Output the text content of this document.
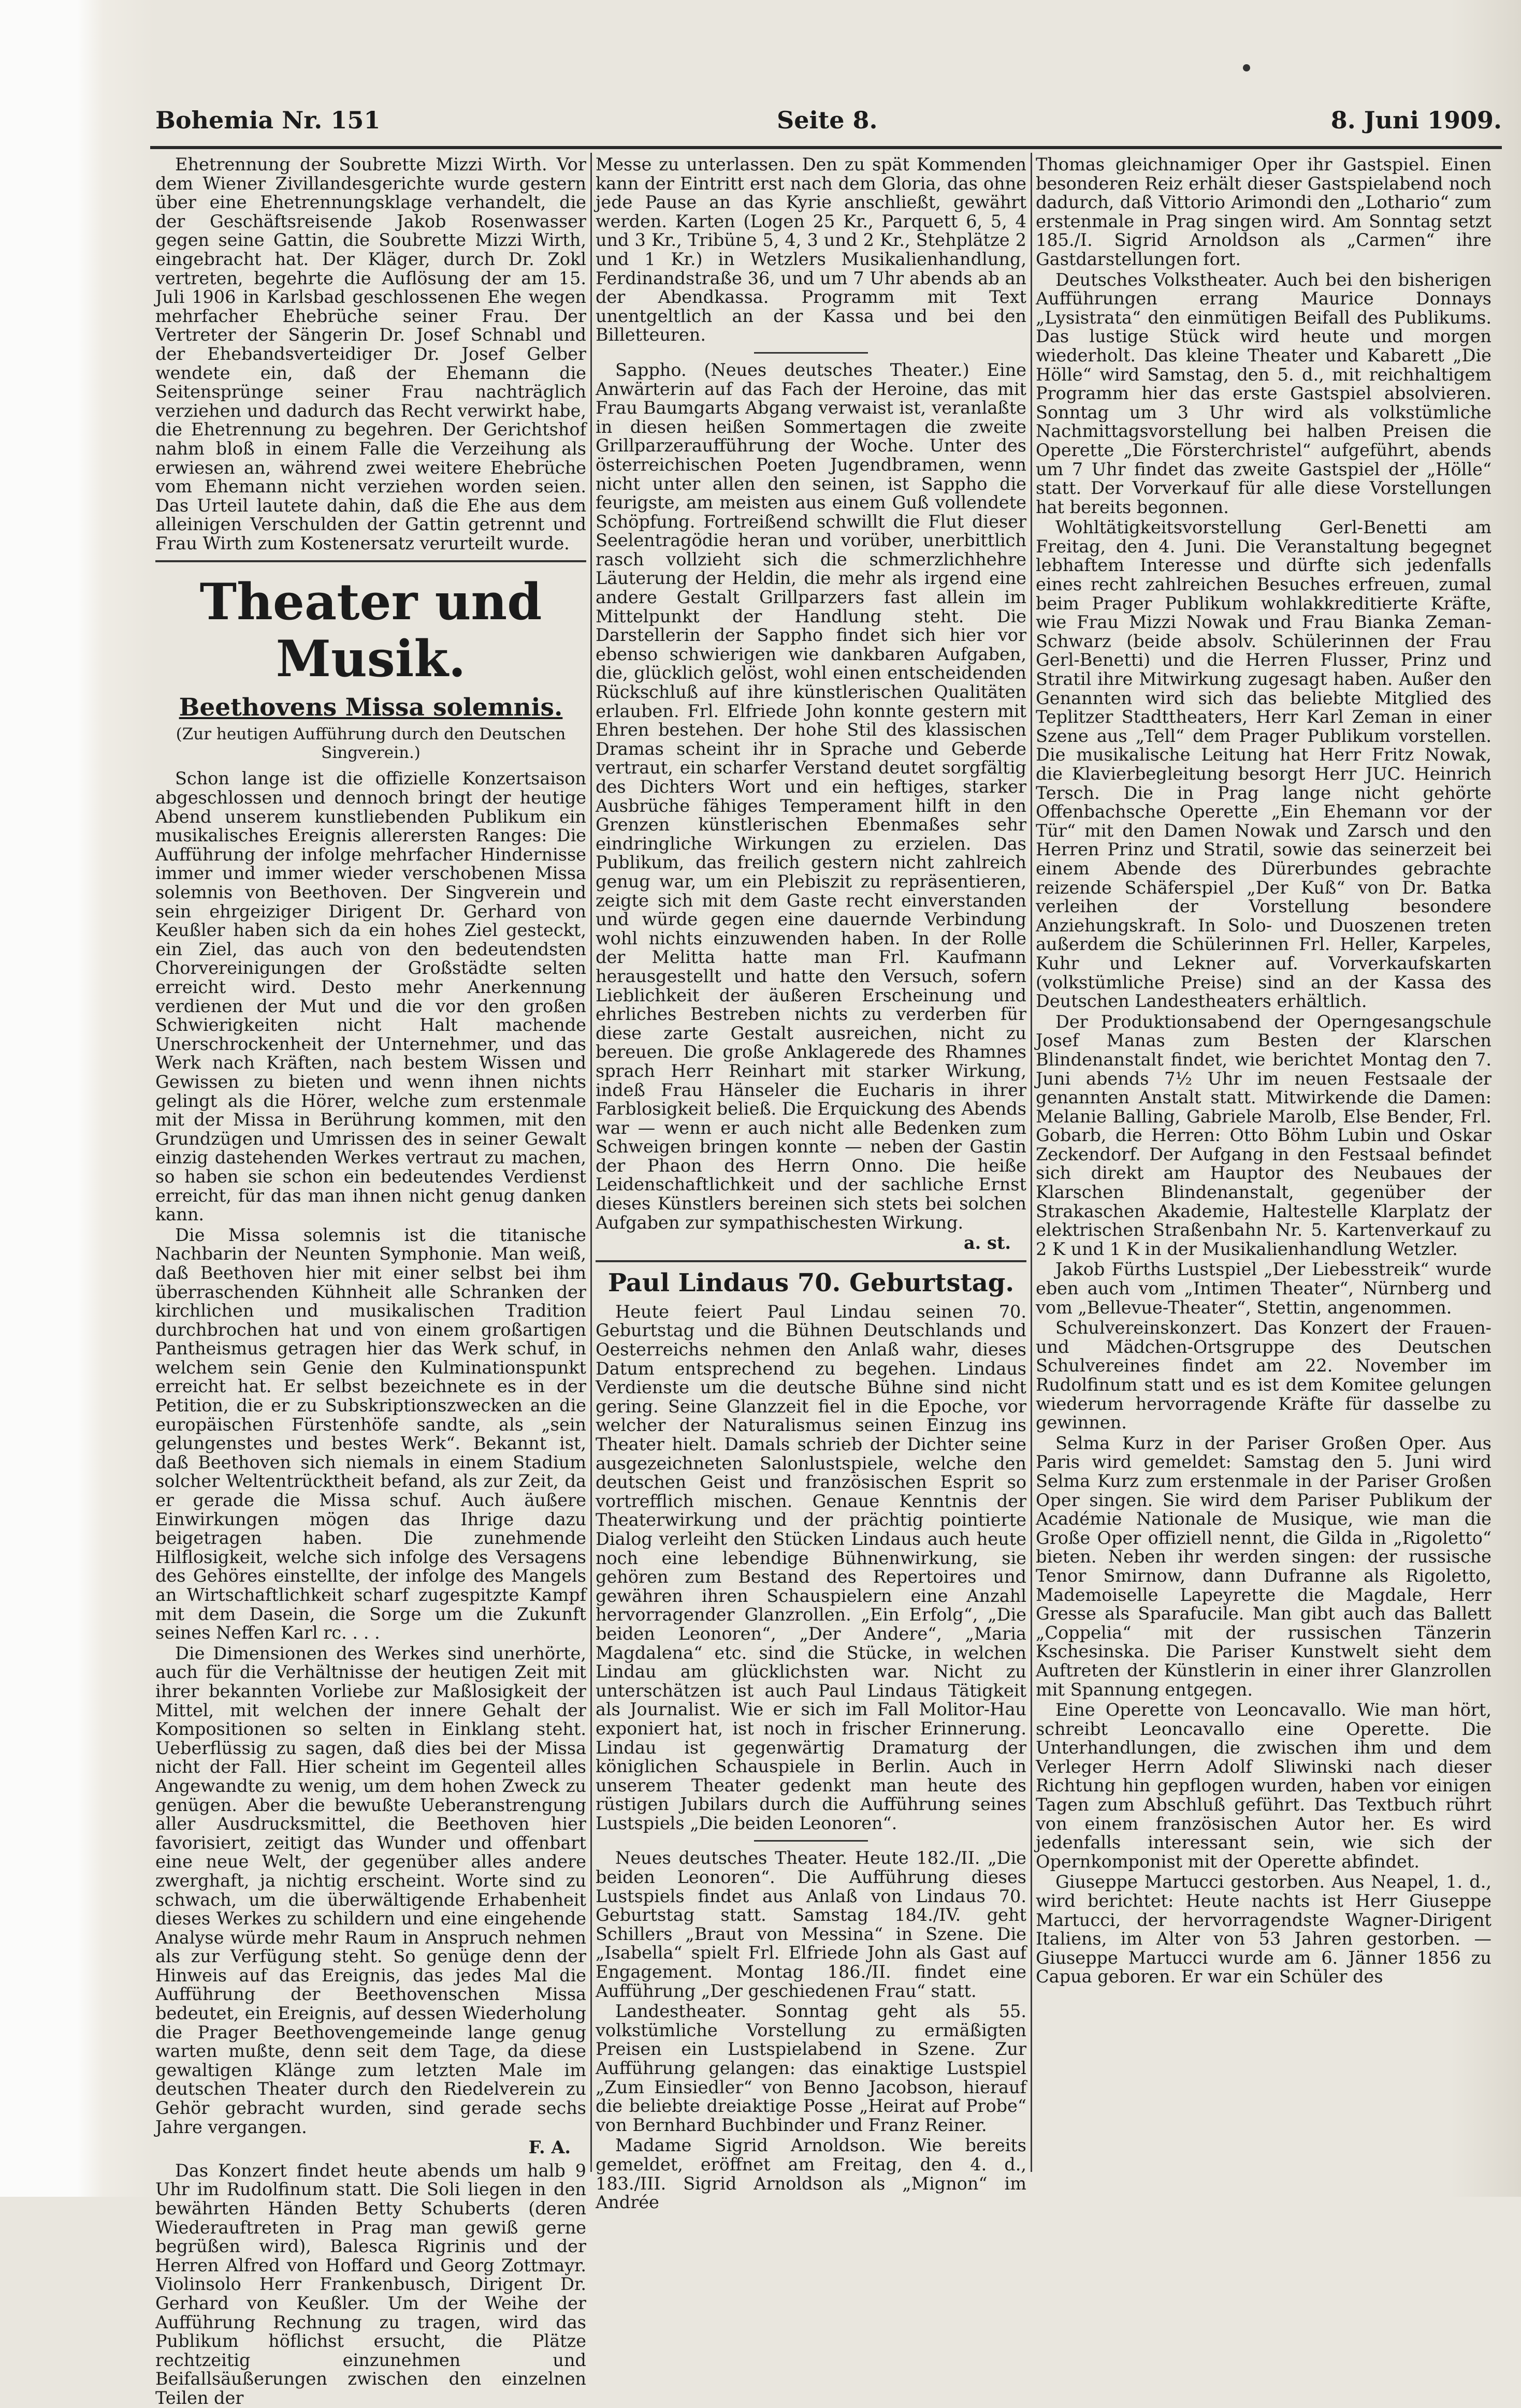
Bohemia Nr. 151	Seite 8.	8. Juni 1909.

Ehetrennung der Soubrette Mizzi Wirth. Vor dem Wiener Zivillandesgerichte wurde gestern über eine Ehetrennungsklage verhandelt, die der Geschäftsreisende Jakob Rosenwasser gegen seine Gattin, die Soubrette Mizzi Wirth, eingebracht hat. Der Kläger, durch Dr. Zokl vertreten, begehrte die Auflösung der am 15. Juli 1906 in Karlsbad geschlossenen Ehe wegen mehrfacher Ehebrüche seiner Frau. Der Vertreter der Sängerin Dr. Josef Schnabl und der Ehebandsverteidiger Dr. Josef Gelber wendete ein, daß der Ehemann die Seitensprünge seiner Frau nachträglich verziehen und dadurch das Recht verwirkt habe, die Ehetrennung zu begehren. Der Gerichtshof nahm bloß in einem Falle die Verzeihung als erwiesen an, während zwei weitere Ehebrüche vom Ehemann nicht verziehen worden seien. Das Urteil lautete dahin, daß die Ehe aus dem alleinigen Verschulden der Gattin getrennt und Frau Wirth zum Kostenersatz verurteilt wurde.

Theater und Musik.
Beethovens Missa solemnis.
(Zur heutigen Aufführung durch den Deutschen Singverein.)

Schon lange ist die offizielle Konzertsaison abgeschlossen und dennoch bringt der heutige Abend unserem kunstliebenden Publikum ein musikalisches Ereignis allerersten Ranges: Die Aufführung der infolge mehrfacher Hindernisse immer und immer wieder verschobenen Missa solemnis von Beethoven. Der Singverein und sein ehrgeiziger Dirigent Dr. Gerhard von Keußler haben sich da ein hohes Ziel gesteckt, ein Ziel, das auch von den bedeutendsten Chorvereinigungen der Großstädte selten erreicht wird. Desto mehr Anerkennung verdienen der Mut und die vor den großen Schwierigkeiten nicht Halt machende Unerschrockenheit der Unternehmer, und das Werk nach Kräften, nach bestem Wissen und Gewissen zu bieten und wenn ihnen nichts gelingt als die Hörer, welche zum erstenmale mit der Missa in Berührung kommen, mit den Grundzügen und Umrissen des in seiner Gewalt einzig dastehenden Werkes vertraut zu machen, so haben sie schon ein bedeutendes Verdienst erreicht, für das man ihnen nicht genug danken kann.

Die Missa solemnis ist die titanische Nachbarin der Neunten Symphonie. Man weiß, daß Beethoven hier mit einer selbst bei ihm überraschenden Kühnheit alle Schranken der kirchlichen und musikalischen Tradition durchbrochen hat und von einem großartigen Pantheismus getragen hier das Werk schuf, in welchem sein Genie den Kulminationspunkt erreicht hat. Er selbst bezeichnete es in der Petition, die er zu Subskriptionszwecken an die europäischen Fürstenhöfe sandte, als „sein gelungenstes und bestes Werk“. Bekannt ist, daß Beethoven sich niemals in einem Stadium solcher Weltentrücktheit befand, als zur Zeit, da er gerade die Missa schuf. Auch äußere Einwirkungen mögen das Ihrige dazu beigetragen haben. Die zunehmende Hilflosigkeit, welche sich infolge des Versagens des Gehöres einstellte, der infolge des Mangels an Wirtschaftlichkeit scharf zugespitzte Kampf mit dem Dasein, die Sorge um die Zukunft seines Neffen Karl rc. . . .

Die Dimensionen des Werkes sind unerhörte, auch für die Verhältnisse der heutigen Zeit mit ihrer bekannten Vorliebe zur Maßlosigkeit der Mittel, mit welchen der innere Gehalt der Kompositionen so selten in Einklang steht. Ueberflüssig zu sagen, daß dies bei der Missa nicht der Fall. Hier scheint im Gegenteil alles Angewandte zu wenig, um dem hohen Zweck zu genügen. Aber die bewußte Ueberanstrengung aller Ausdrucksmittel, die Beethoven hier favorisiert, zeitigt das Wunder und offenbart eine neue Welt, der gegenüber alles andere zwerghaft, ja nichtig erscheint. Worte sind zu schwach, um die überwältigende Erhabenheit dieses Werkes zu schildern und eine eingehende Analyse würde mehr Raum in Anspruch nehmen als zur Verfügung steht. So genüge denn der Hinweis auf das Ereignis, das jedes Mal die Aufführung der Beethovenschen Missa bedeutet, ein Ereignis, auf dessen Wiederholung die Prager Beethovengemeinde lange genug warten mußte, denn seit dem Tage, da diese gewaltigen Klänge zum letzten Male im deutschen Theater durch den Riedelverein zu Gehör gebracht wurden, sind gerade sechs Jahre vergangen.

F. A.

Das Konzert findet heute abends um halb 9 Uhr im Rudolfinum statt. Die Soli liegen in den bewährten Händen Betty Schuberts (deren Wiederauftreten in Prag man gewiß gerne begrüßen wird), Balesca Rigrinis und der Herren Alfred von Hoffard und Georg Zottmayr. Violinsolo Herr Frankenbusch, Dirigent Dr. Gerhard von Keußler. Um der Weihe der Aufführung Rechnung zu tragen, wird das Publikum höflichst ersucht, die Plätze rechtzeitig einzunehmen und Beifallsäußerungen zwischen den einzelnen Teilen der

Messe zu unterlassen. Den zu spät Kommenden kann der Eintritt erst nach dem Gloria, das ohne jede Pause an das Kyrie anschließt, gewährt werden. Karten (Logen 25 Kr., Parquett 6, 5, 4 und 3 Kr., Tribüne 5, 4, 3 und 2 Kr., Stehplätze 2 und 1 Kr.) in Wetzlers Musikalienhandlung, Ferdinandstraße 36, und um 7 Uhr abends ab an der Abendkassa. Programm mit Text unentgeltlich an der Kassa und bei den Billetteuren.

Sappho. (Neues deutsches Theater.) Eine Anwärterin auf das Fach der Heroine, das mit Frau Baumgarts Abgang verwaist ist, veranlaßte in diesen heißen Sommertagen die zweite Grillparzeraufführung der Woche. Unter des österreichischen Poeten Jugendbramen, wenn nicht unter allen den seinen, ist Sappho die feurigste, am meisten aus einem Guß vollendete Schöpfung. Fortreißend schwillt die Flut dieser Seelentragödie heran und vorüber, unerbittlich rasch vollzieht sich die schmerzlichhehre Läuterung der Heldin, die mehr als irgend eine andere Gestalt Grillparzers fast allein im Mittelpunkt der Handlung steht. Die Darstellerin der Sappho findet sich hier vor ebenso schwierigen wie dankbaren Aufgaben, die, glücklich gelöst, wohl einen entscheidenden Rückschluß auf ihre künstlerischen Qualitäten erlauben. Frl. Elfriede John konnte gestern mit Ehren bestehen. Der hohe Stil des klassischen Dramas scheint ihr in Sprache und Geberde vertraut, ein scharfer Verstand deutet sorgfältig des Dichters Wort und ein heftiges, starker Ausbrüche fähiges Temperament hilft in den Grenzen künstlerischen Ebenmaßes sehr eindringliche Wirkungen zu erzielen. Das Publikum, das freilich gestern nicht zahlreich genug war, um ein Plebiszit zu repräsentieren, zeigte sich mit dem Gaste recht einverstanden und würde gegen eine dauernde Verbindung wohl nichts einzuwenden haben. In der Rolle der Melitta hatte man Frl. Kaufmann herausgestellt und hatte den Versuch, sofern Lieblichkeit der äußeren Erscheinung und ehrliches Bestreben nichts zu verderben für diese zarte Gestalt ausreichen, nicht zu bereuen. Die große Anklagerede des Rhamnes sprach Herr Reinhart mit starker Wirkung, indeß Frau Hänseler die Eucharis in ihrer Farblosigkeit beließ. Die Erquickung des Abends war — wenn er auch nicht alle Bedenken zum Schweigen bringen konnte — neben der Gastin der Phaon des Herrn Onno. Die heiße Leidenschaftlichkeit und der sachliche Ernst dieses Künstlers bereinen sich stets bei solchen Aufgaben zur sympathischesten Wirkung.

a. st.
Paul Lindaus 70. Geburtstag.

Heute feiert Paul Lindau seinen 70. Geburtstag und die Bühnen Deutschlands und Oesterreichs nehmen den Anlaß wahr, dieses Datum entsprechend zu begehen. Lindaus Verdienste um die deutsche Bühne sind nicht gering. Seine Glanzzeit fiel in die Epoche, vor welcher der Naturalismus seinen Einzug ins Theater hielt. Damals schrieb der Dichter seine ausgezeichneten Salonlustspiele, welche den deutschen Geist und französischen Esprit so vortrefflich mischen. Genaue Kenntnis der Theaterwirkung und der prächtig pointierte Dialog verleiht den Stücken Lindaus auch heute noch eine lebendige Bühnenwirkung, sie gehören zum Bestand des Repertoires und gewähren ihren Schauspielern eine Anzahl hervorragender Glanzrollen. „Ein Erfolg“, „Die beiden Leonoren“, „Der Andere“, „Maria Magdalena“ etc. sind die Stücke, in welchen Lindau am glücklichsten war. Nicht zu unterschätzen ist auch Paul Lindaus Tätigkeit als Journalist. Wie er sich im Fall Molitor-Hau exponiert hat, ist noch in frischer Erinnerung. Lindau ist gegenwärtig Dramaturg der königlichen Schauspiele in Berlin. Auch in unserem Theater gedenkt man heute des rüstigen Jubilars durch die Aufführung seines Lustspiels „Die beiden Leonoren“.

Neues deutsches Theater. Heute 182./II. „Die beiden Leonoren“. Die Aufführung dieses Lustspiels findet aus Anlaß von Lindaus 70. Geburtstag statt. Samstag 184./IV. geht Schillers „Braut von Messina“ in Szene. Die „Isabella“ spielt Frl. Elfriede John als Gast auf Engagement. Montag 186./II. findet eine Aufführung „Der geschiedenen Frau“ statt.

Landestheater. Sonntag geht als 55. volkstümliche Vorstellung zu ermäßigten Preisen ein Lustspielabend in Szene. Zur Aufführung gelangen: das einaktige Lustspiel „Zum Einsiedler“ von Benno Jacobson, hierauf die beliebte dreiaktige Posse „Heirat auf Probe“ von Bernhard Buchbinder und Franz Reiner.

Madame Sigrid Arnoldson. Wie bereits gemeldet, eröffnet am Freitag, den 4. d., 183./III. Sigrid Arnoldson als „Mignon“ im Andrée

Thomas gleichnamiger Oper ihr Gastspiel. Einen besonderen Reiz erhält dieser Gastspielabend noch dadurch, daß Vittorio Arimondi den „Lothario“ zum erstenmale in Prag singen wird. Am Sonntag setzt 185./I. Sigrid Arnoldson als „Carmen“ ihre Gastdarstellungen fort.

Deutsches Volkstheater. Auch bei den bisherigen Aufführungen errang Maurice Donnays „Lysistrata“ den einmütigen Beifall des Publikums. Das lustige Stück wird heute und morgen wiederholt. Das kleine Theater und Kabarett „Die Hölle“ wird Samstag, den 5. d., mit reichhaltigem Programm hier das erste Gastspiel absolvieren. Sonntag um 3 Uhr wird als volkstümliche Nachmittagsvorstellung bei halben Preisen die Operette „Die Försterchristel“ aufgeführt, abends um 7 Uhr findet das zweite Gastspiel der „Hölle“ statt. Der Vorverkauf für alle diese Vorstellungen hat bereits begonnen.

Wohltätigkeitsvorstellung Gerl-Benetti am Freitag, den 4. Juni. Die Veranstaltung begegnet lebhaftem Interesse und dürfte sich jedenfalls eines recht zahlreichen Besuches erfreuen, zumal beim Prager Publikum wohlakkreditierte Kräfte, wie Frau Mizzi Nowak und Frau Bianka Zeman-Schwarz (beide absolv. Schülerinnen der Frau Gerl-Benetti) und die Herren Flusser, Prinz und Stratil ihre Mitwirkung zugesagt haben. Außer den Genannten wird sich das beliebte Mitglied des Teplitzer Stadttheaters, Herr Karl Zeman in einer Szene aus „Tell“ dem Prager Publikum vorstellen. Die musikalische Leitung hat Herr Fritz Nowak, die Klavierbegleitung besorgt Herr JUC. Heinrich Tersch. Die in Prag lange nicht gehörte Offenbachsche Operette „Ein Ehemann vor der Tür“ mit den Damen Nowak und Zarsch und den Herren Prinz und Stratil, sowie das seinerzeit bei einem Abende des Dürerbundes gebrachte reizende Schäferspiel „Der Kuß“ von Dr. Batka verleihen der Vorstellung besondere Anziehungskraft. In Solo- und Duoszenen treten außerdem die Schülerinnen Frl. Heller, Karpeles, Kuhr und Lekner auf. Vorverkaufskarten (volkstümliche Preise) sind an der Kassa des Deutschen Landestheaters erhältlich.

Der Produktionsabend der Operngesangschule Josef Manas zum Besten der Klarschen Blindenanstalt findet, wie berichtet Montag den 7. Juni abends 7½ Uhr im neuen Festsaale der genannten Anstalt statt. Mitwirkende die Damen: Melanie Balling, Gabriele Marolb, Else Bender, Frl. Gobarb, die Herren: Otto Böhm Lubin und Oskar Zeckendorf. Der Aufgang in den Festsaal befindet sich direkt am Hauptor des Neubaues der Klarschen Blindenanstalt, gegenüber der Strakaschen Akademie, Haltestelle Klarplatz der elektrischen Straßenbahn Nr. 5. Kartenverkauf zu 2 K und 1 K in der Musikalienhandlung Wetzler.

Jakob Fürths Lustspiel „Der Liebesstreik“ wurde eben auch vom „Intimen Theater“, Nürnberg und vom „Bellevue-Theater“, Stettin, angenommen.

Schulvereinskonzert. Das Konzert der Frauen- und Mädchen-Ortsgruppe des Deutschen Schulvereines findet am 22. November im Rudolfinum statt und es ist dem Komitee gelungen wiederum hervorragende Kräfte für dasselbe zu gewinnen.

Selma Kurz in der Pariser Großen Oper. Aus Paris wird gemeldet: Samstag den 5. Juni wird Selma Kurz zum erstenmale in der Pariser Großen Oper singen. Sie wird dem Pariser Publikum der Académie Nationale de Musique, wie man die Große Oper offiziell nennt, die Gilda in „Rigoletto“ bieten. Neben ihr werden singen: der russische Tenor Smirnow, dann Dufranne als Rigoletto, Mademoiselle Lapeyrette die Magdale, Herr Gresse als Sparafucile. Man gibt auch das Ballett „Coppelia“ mit der russischen Tänzerin Kschesinska. Die Pariser Kunstwelt sieht dem Auftreten der Künstlerin in einer ihrer Glanzrollen mit Spannung entgegen.

Eine Operette von Leoncavallo. Wie man hört, schreibt Leoncavallo eine Operette. Die Unterhandlungen, die zwischen ihm und dem Verleger Herrn Adolf Sliwinski nach dieser Richtung hin gepflogen wurden, haben vor einigen Tagen zum Abschluß geführt. Das Textbuch rührt von einem französischen Autor her. Es wird jedenfalls interessant sein, wie sich der Opernkomponist mit der Operette abfindet.

Giuseppe Martucci gestorben. Aus Neapel, 1. d., wird berichtet: Heute nachts ist Herr Giuseppe Martucci, der hervorragendste Wagner-Dirigent Italiens, im Alter von 53 Jahren gestorben. — Giuseppe Martucci wurde am 6. Jänner 1856 zu Capua geboren. Er war ein Schüler des
